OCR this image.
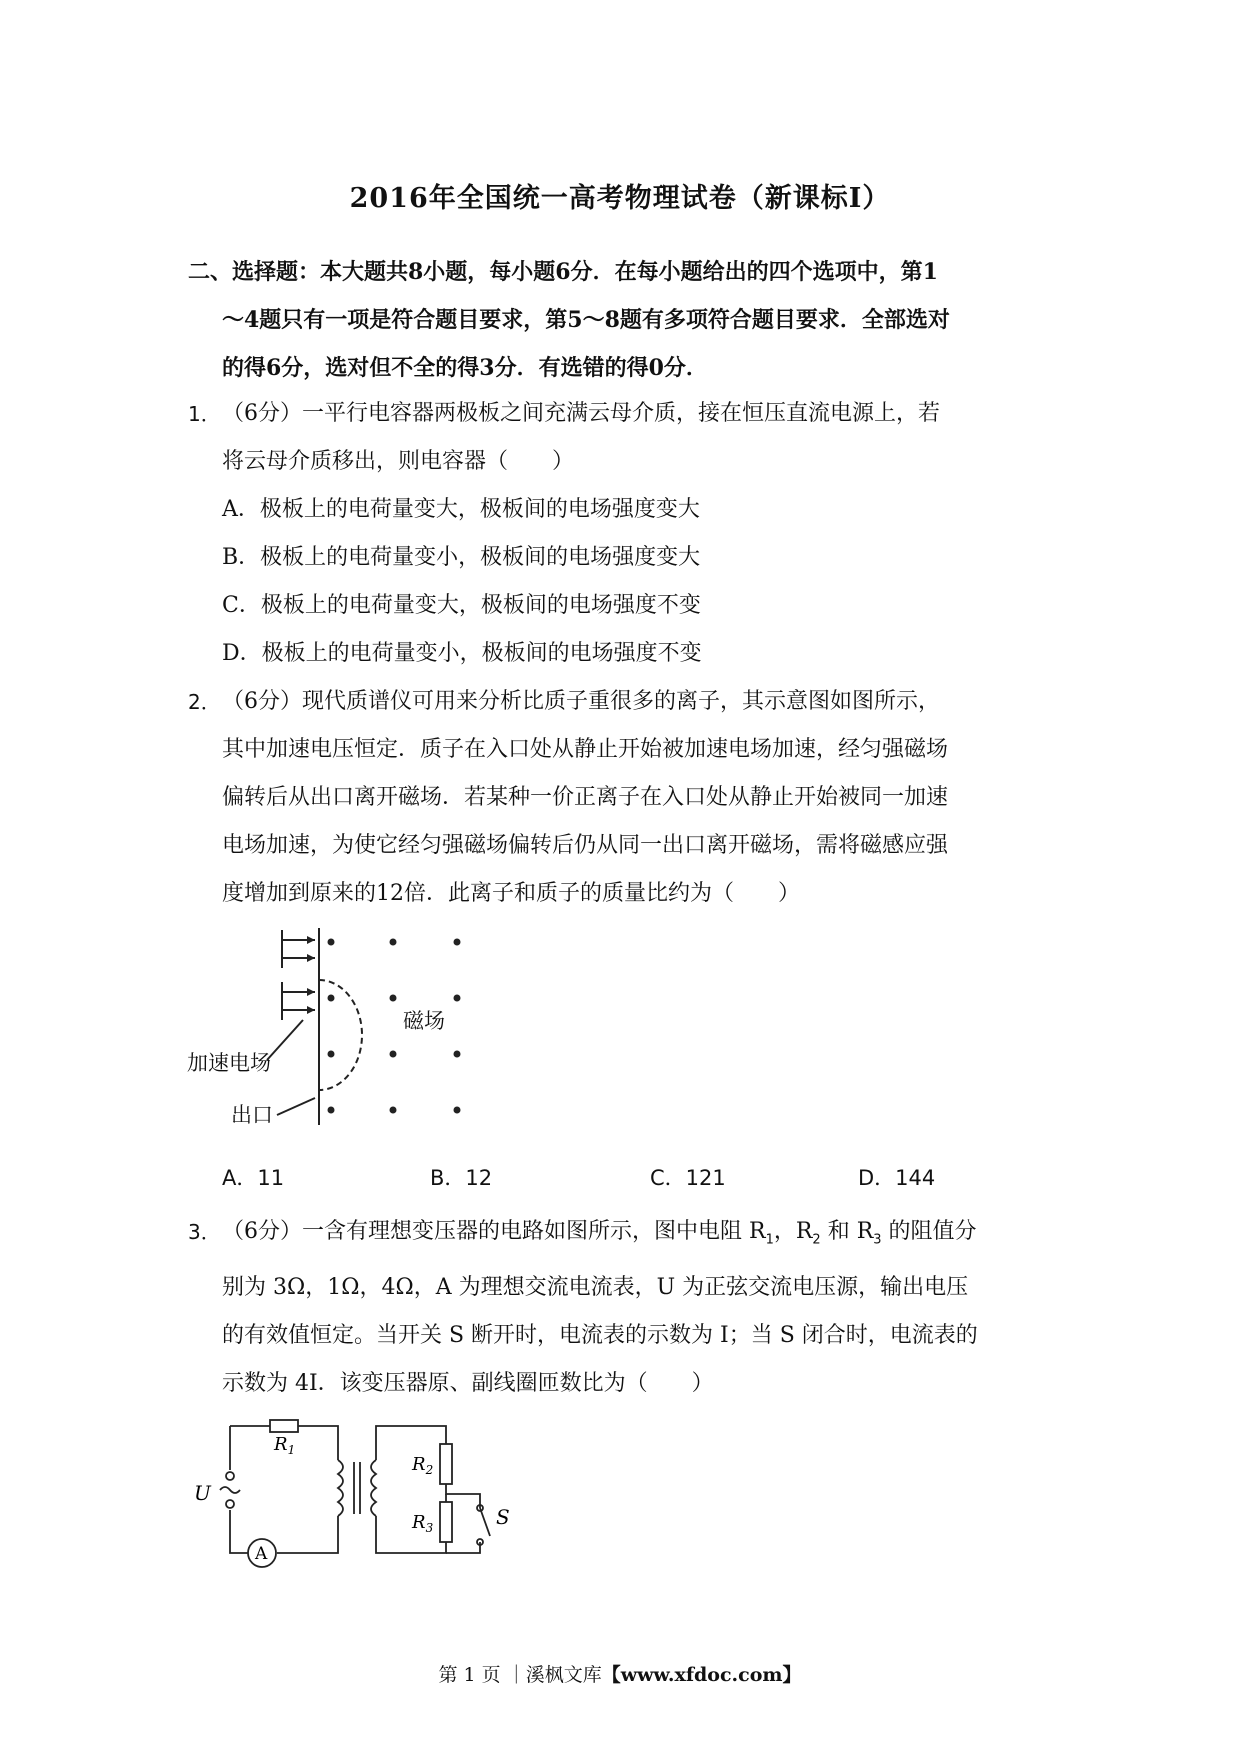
2016年全国统一高考物理试卷（新课标Ⅰ）
二、选择题：本大题共8小题，每小题6分．在每小题给出的四个选项中，第1
～4题只有一项是符合题目要求，第5～8题有多项符合题目要求．全部选对
的得6分，选对但不全的得3分．有选错的得0分．
1． （6分）一平行电容器两极板之间充满云母介质，接在恒压直流电源上，若
将云母介质移出，则电容器（　　）
A．极板上的电荷量变大，极板间的电场强度变大
B．极板上的电荷量变小，极板间的电场强度变大
C．极板上的电荷量变大，极板间的电场强度不变
D．极板上的电荷量变小，极板间的电场强度不变
2． （6分）现代质谱仪可用来分析比质子重很多的离子，其示意图如图所示，
其中加速电压恒定．质子在入口处从静止开始被加速电场加速，经匀强磁场
偏转后从出口离开磁场．若某种一价正离子在入口处从静止开始被同一加速
电场加速，为使它经匀强磁场偏转后仍从同一出口离开磁场，需将磁感应强
度增加到原来的12倍．此离子和质子的质量比约为（　　）
磁场
加速电场
出口
A．11	B．12	C．121	D．144
3． （6分）一含有理想变压器的电路如图所示，图中电阻 $R_1$，$R_2$ 和 $R_3$ 的阻值分
别为 3Ω，1Ω，4Ω，A 为理想交流电流表，U 为正弦交流电压源，输出电压
的有效值恒定。当开关 S 断开时，电流表的示数为 I；当 S 闭合时，电流表的
示数为 4I．该变压器原、副线圈匝数比为（　　）
$R_1$
$R_2$
$R_3$
U
S
A
第 1 页 ｜溪枫文库【www.xfdoc.com】
